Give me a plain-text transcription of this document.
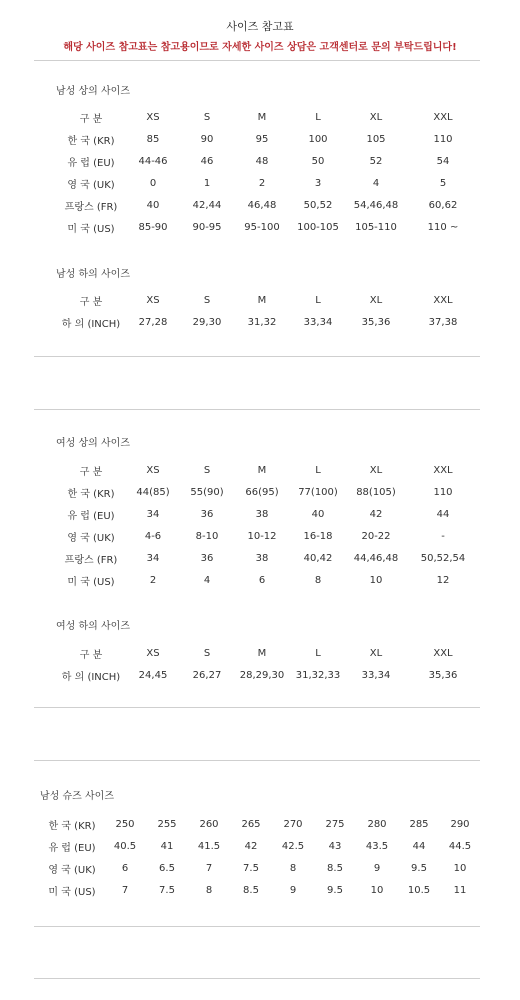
사이즈 참고표
해당 사이즈 참고표는 참고용이므로 자세한 사이즈 상담은 고객센터로 문의 부탁드립니다!
남성 상의 사이즈
구 분	XS	S	M	L	XL	XXL
한 국 (KR)	85	90	95	100	105	110
유 럽 (EU)	44-46	46	48	50	52	54
영 국 (UK)	0	1	2	3	4	5
프랑스 (FR)	40	42,44	46,48	50,52	54,46,48	60,62
미 국 (US)	85-90	90-95	95-100	100-105	105-110	110 ~
남성 하의 사이즈
구 분	XS	S	M	L	XL	XXL
하 의 (INCH)	27,28	29,30	31,32	33,34	35,36	37,38
여성 상의 사이즈
구 분	XS	S	M	L	XL	XXL
한 국 (KR)	44(85)	55(90)	66(95)	77(100)	88(105)	110
유 럽 (EU)	34	36	38	40	42	44
영 국 (UK)	4-6	8-10	10-12	16-18	20-22	-
프랑스 (FR)	34	36	38	40,42	44,46,48	50,52,54
미 국 (US)	2	4	6	8	10	12
여성 하의 사이즈
구 분	XS	S	M	L	XL	XXL
하 의 (INCH)	24,45	26,27	28,29,30	31,32,33	33,34	35,36
남성 슈즈 사이즈
한 국 (KR)	250	255	260	265	270	275	280	285	290
유 럽 (EU)	40.5	41	41.5	42	42.5	43	43.5	44	44.5
영 국 (UK)	6	6.5	7	7.5	8	8.5	9	9.5	10
미 국 (US)	7	7.5	8	8.5	9	9.5	10	10.5	11
